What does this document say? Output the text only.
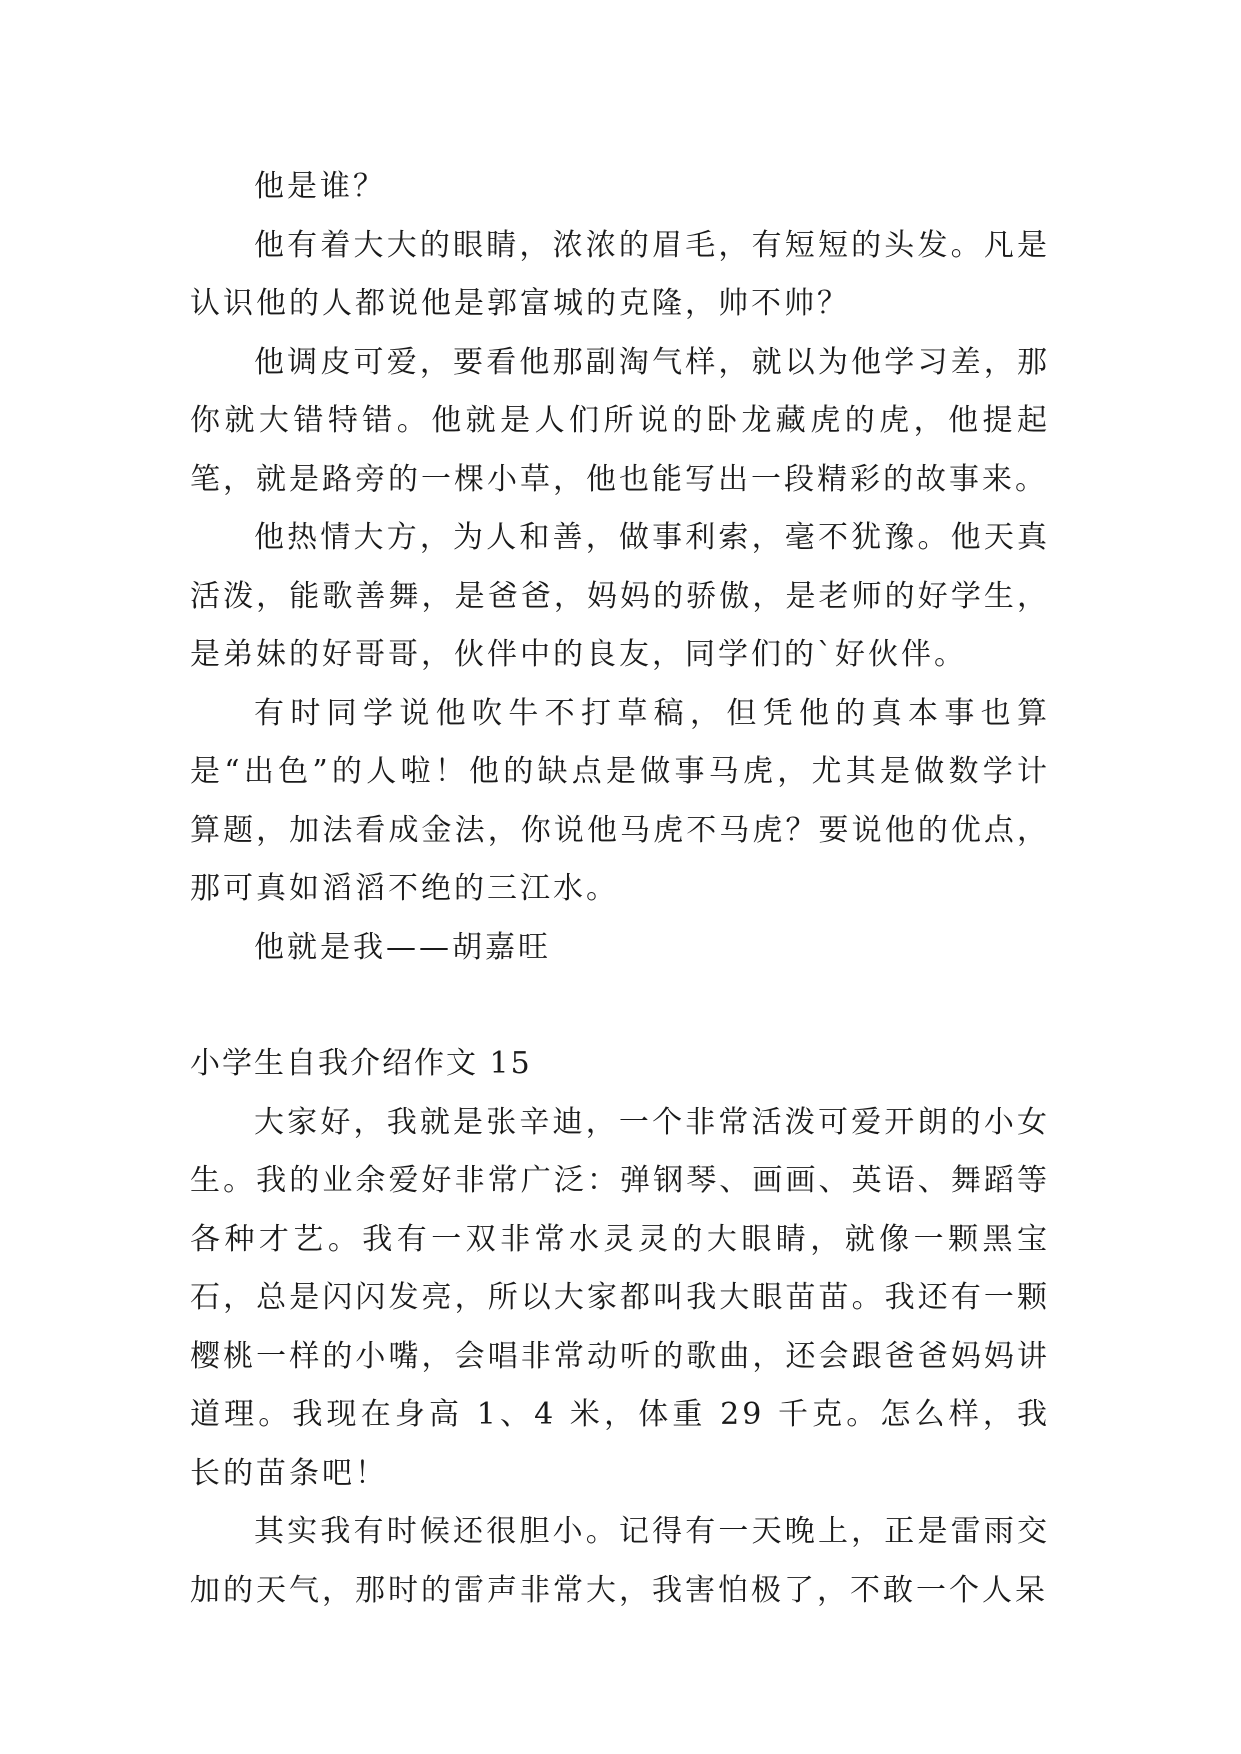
他是谁？

他有着大大的眼睛，浓浓的眉毛，有短短的头发。凡是认识他的人都说他是郭富城的克隆，帅不帅？

他调皮可爱，要看他那副淘气样，就以为他学习差，那你就大错特错。他就是人们所说的卧龙藏虎的虎，他提起笔，就是路旁的一棵小草，他也能写出一段精彩的故事来。

他热情大方，为人和善，做事利索，毫不犹豫。他天真活泼，能歌善舞，是爸爸，妈妈的骄傲，是老师的好学生，是弟妹的好哥哥，伙伴中的良友，同学们的`好伙伴。

有时同学说他吹牛不打草稿，但凭他的真本事也算是“出色”的人啦！他的缺点是做事马虎，尤其是做数学计算题，加法看成金法，你说他马虎不马虎？要说他的优点，那可真如滔滔不绝的三江水。

他就是我——胡嘉旺

小学生自我介绍作文 15

大家好，我就是张辛迪，一个非常活泼可爱开朗的小女生。我的业余爱好非常广泛：弹钢琴、画画、英语、舞蹈等各种才艺。我有一双非常水灵灵的大眼睛，就像一颗黑宝石，总是闪闪发亮，所以大家都叫我大眼苗苗。我还有一颗樱桃一样的小嘴，会唱非常动听的歌曲，还会跟爸爸妈妈讲道理。我现在身高 1、4 米，体重 29 千克。怎么样，我长的苗条吧！

其实我有时候还很胆小。记得有一天晚上，正是雷雨交加的天气，那时的雷声非常大，我害怕极了，不敢一个人呆
